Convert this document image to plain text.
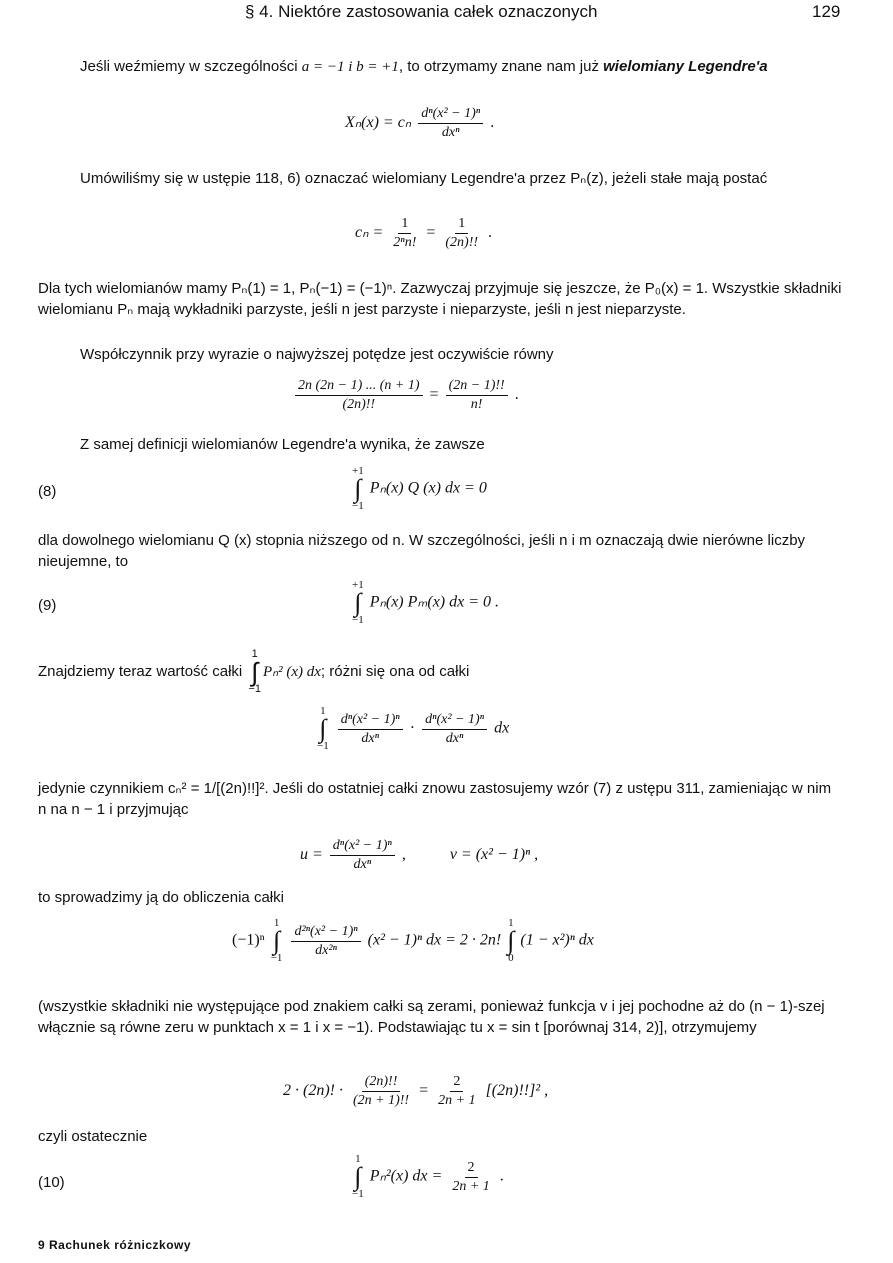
§ 4. Niektóre zastosowania całek oznaczonych	129

Jeśli weźmiemy w szczególności a = −1 i b = +1, to otrzymamy znane nam już wielomiany Legendre'a

Xₙ(x) = cₙ $\frac{\text{dⁿ(x² − 1)ⁿ}}{\text{dxⁿ}}$ .

Umówiliśmy się w ustępie 118, 6) oznaczać wielomiany Legendre'a przez Pₙ(z), jeżeli stałe mają postać

$c_n = \frac{1}{\text{2ⁿn!}} = \frac{1}{(2n)!!}$ .

Dla tych wielomianów mamy Pₙ(1) = 1, Pₙ(−1) = (−1)ⁿ. Zazwyczaj przyjmuje się jeszcze, że P₀(x) = 1. Wszystkie składniki wielomianu Pₙ mają wykładniki parzyste, jeśli n jest parzyste i nieparzyste, jeśli n jest nieparzyste.

Współczynnik przy wyrazie o najwyższej potędze jest oczywiście równy

$\frac{2n (2n - 1) ... (n + 1)}{(2n)!!} = \frac{(2n - 1)!!}{n!}$ .

Z samej definicji wielomianów Legendre'a wynika, że zawsze

(8)
+1
∫
−1
Pₙ(x) Q (x) dx = 0

dla dowolnego wielomianu Q (x) stopnia niższego od n. W szczególności, jeśli n i m oznaczają dwie nierówne liczby nieujemne, to

(9)
+1
∫
−1
Pₙ(x) Pₘ(x) dx = 0 .
Znajdziemy teraz wartość całki
1
∫
−1
Pₙ² (x) dx; różni się ona od całki
1
∫
−1
$\frac{\text{dⁿ(x² − 1)ⁿ}}{\text{dxⁿ}} \cdot \frac{\text{dⁿ(x² − 1)ⁿ}}{\text{dxⁿ}}$ dx

jedynie czynnikiem cₙ² = 1/[(2n)!!]². Jeśli do ostatniej całki znowu zastosujemy wzór (7) z ustępu 311, zamieniając w nim n na n − 1 i przyjmując

$u = \frac{\text{dⁿ(x² − 1)ⁿ}}{\text{dxⁿ}}$ ,	v = (x² − 1)ⁿ ,

to sprowadzimy ją do obliczenia całki

(−1)ⁿ
1
∫
−1
$\frac{\text{d²ⁿ(x² − 1)ⁿ}}{\text{dx²ⁿ}} (x^2 - 1)^n$ dx = 2 · 2n!
1
∫
0
(1 − x²)ⁿ dx

(wszystkie składniki nie występujące pod znakiem całki są zerami, ponieważ funkcja v i jej pochodne aż do (n − 1)-szej włącznie są równe zeru w punktach x = 1 i x = −1). Podstawiając tu x = sin t [porównaj 314, 2)], otrzymujemy

2 · (2n)! · $\frac{(2n)!!}{(2n + 1)!!} = \frac{2}{2n + 1} [(2n)!!]^2$ ,

czyli ostatecznie

(10)
1
∫
−1
Pₙ²(x) dx = $\frac{2}{2n + 1}$ .
9 Rachunek różniczkowy
